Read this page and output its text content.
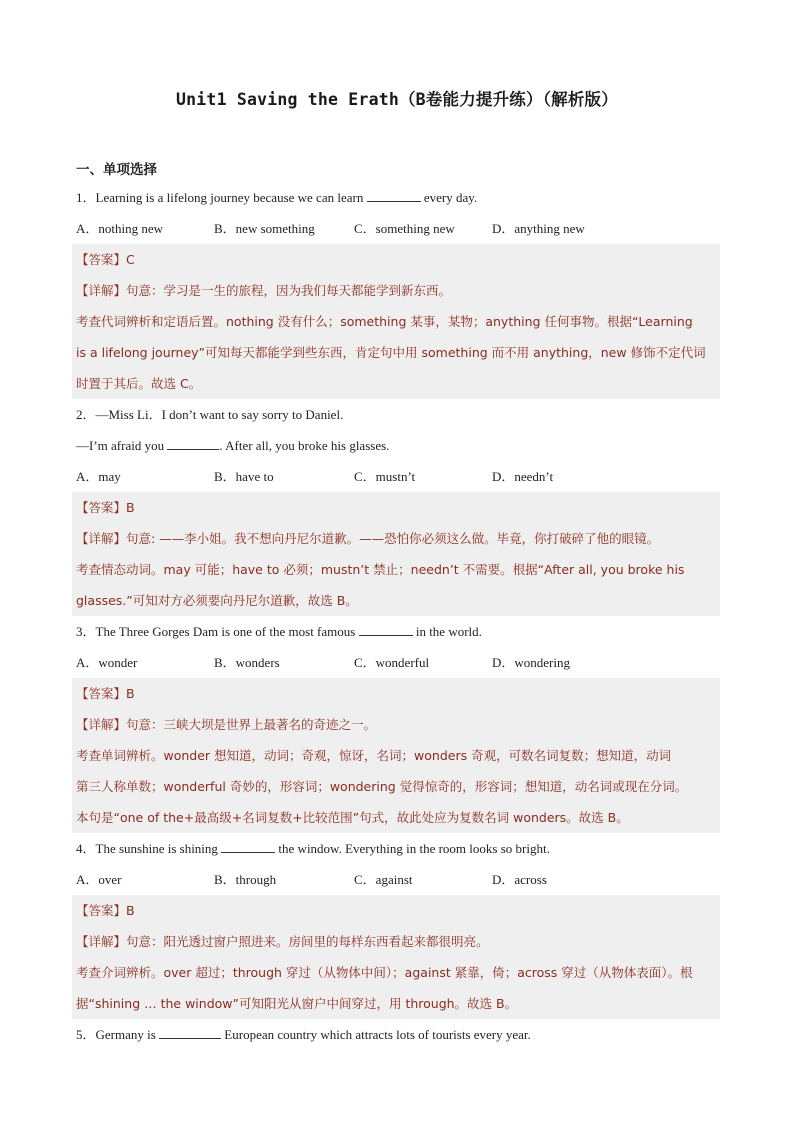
Unit1 Saving the Erath（B卷能力提升练）（解析版）
一、单项选择
1．Learning is a lifelong journey because we can learn	every day.
A．nothing new	B．new something	C．something new	D．anything new
【答案】C
【详解】句意：学习是一生的旅程，因为我们每天都能学到新东西。
考查代词辨析和定语后置。nothing 没有什么；something 某事，某物；anything 任何事物。根据“Learning
is a lifelong journey”可知每天都能学到些东西，肯定句中用 something 而不用 anything，new 修饰不定代词
时置于其后。故选 C。
2．—Miss Li．I don’t want to say sorry to Daniel.
—I’m afraid you	. After all, you broke his glasses.
A．may	B．have to	C．mustn’t	D．needn’t
【答案】B
【详解】句意: ——李小姐。我不想向丹尼尔道歉。——恐怕你必须这么做。毕竟，你打破碎了他的眼镜。
考查情态动词。may 可能；have to 必须；mustn’t 禁止；needn’t 不需要。根据“After all, you broke his
glasses.”可知对方必须要向丹尼尔道歉，故选 B。
3．The Three Gorges Dam is one of the most famous	in the world.
A．wonder	B．wonders	C．wonderful	D．wondering
【答案】B
【详解】句意：三峡大坝是世界上最著名的奇迹之一。
考查单词辨析。wonder 想知道，动词；奇观，惊讶，名词；wonders 奇观，可数名词复数；想知道，动词
第三人称单数；wonderful 奇妙的，形容词；wondering 觉得惊奇的，形容词；想知道，动名词或现在分词。
本句是“one of the+最高级+名词复数+比较范围”句式，故此处应为复数名词 wonders。故选 B。
4．The sunshine is shining	the window. Everything in the room looks so bright.
A．over	B．through	C．against	D．across
【答案】B
【详解】句意：阳光透过窗户照进来。房间里的每样东西看起来都很明亮。
考查介词辨析。over 超过；through 穿过（从物体中间）；against 紧靠，倚；across 穿过（从物体表面）。根
据“shining … the window”可知阳光从窗户中间穿过，用 through。故选 B。
5．Germany is	European country which attracts lots of tourists every year.
